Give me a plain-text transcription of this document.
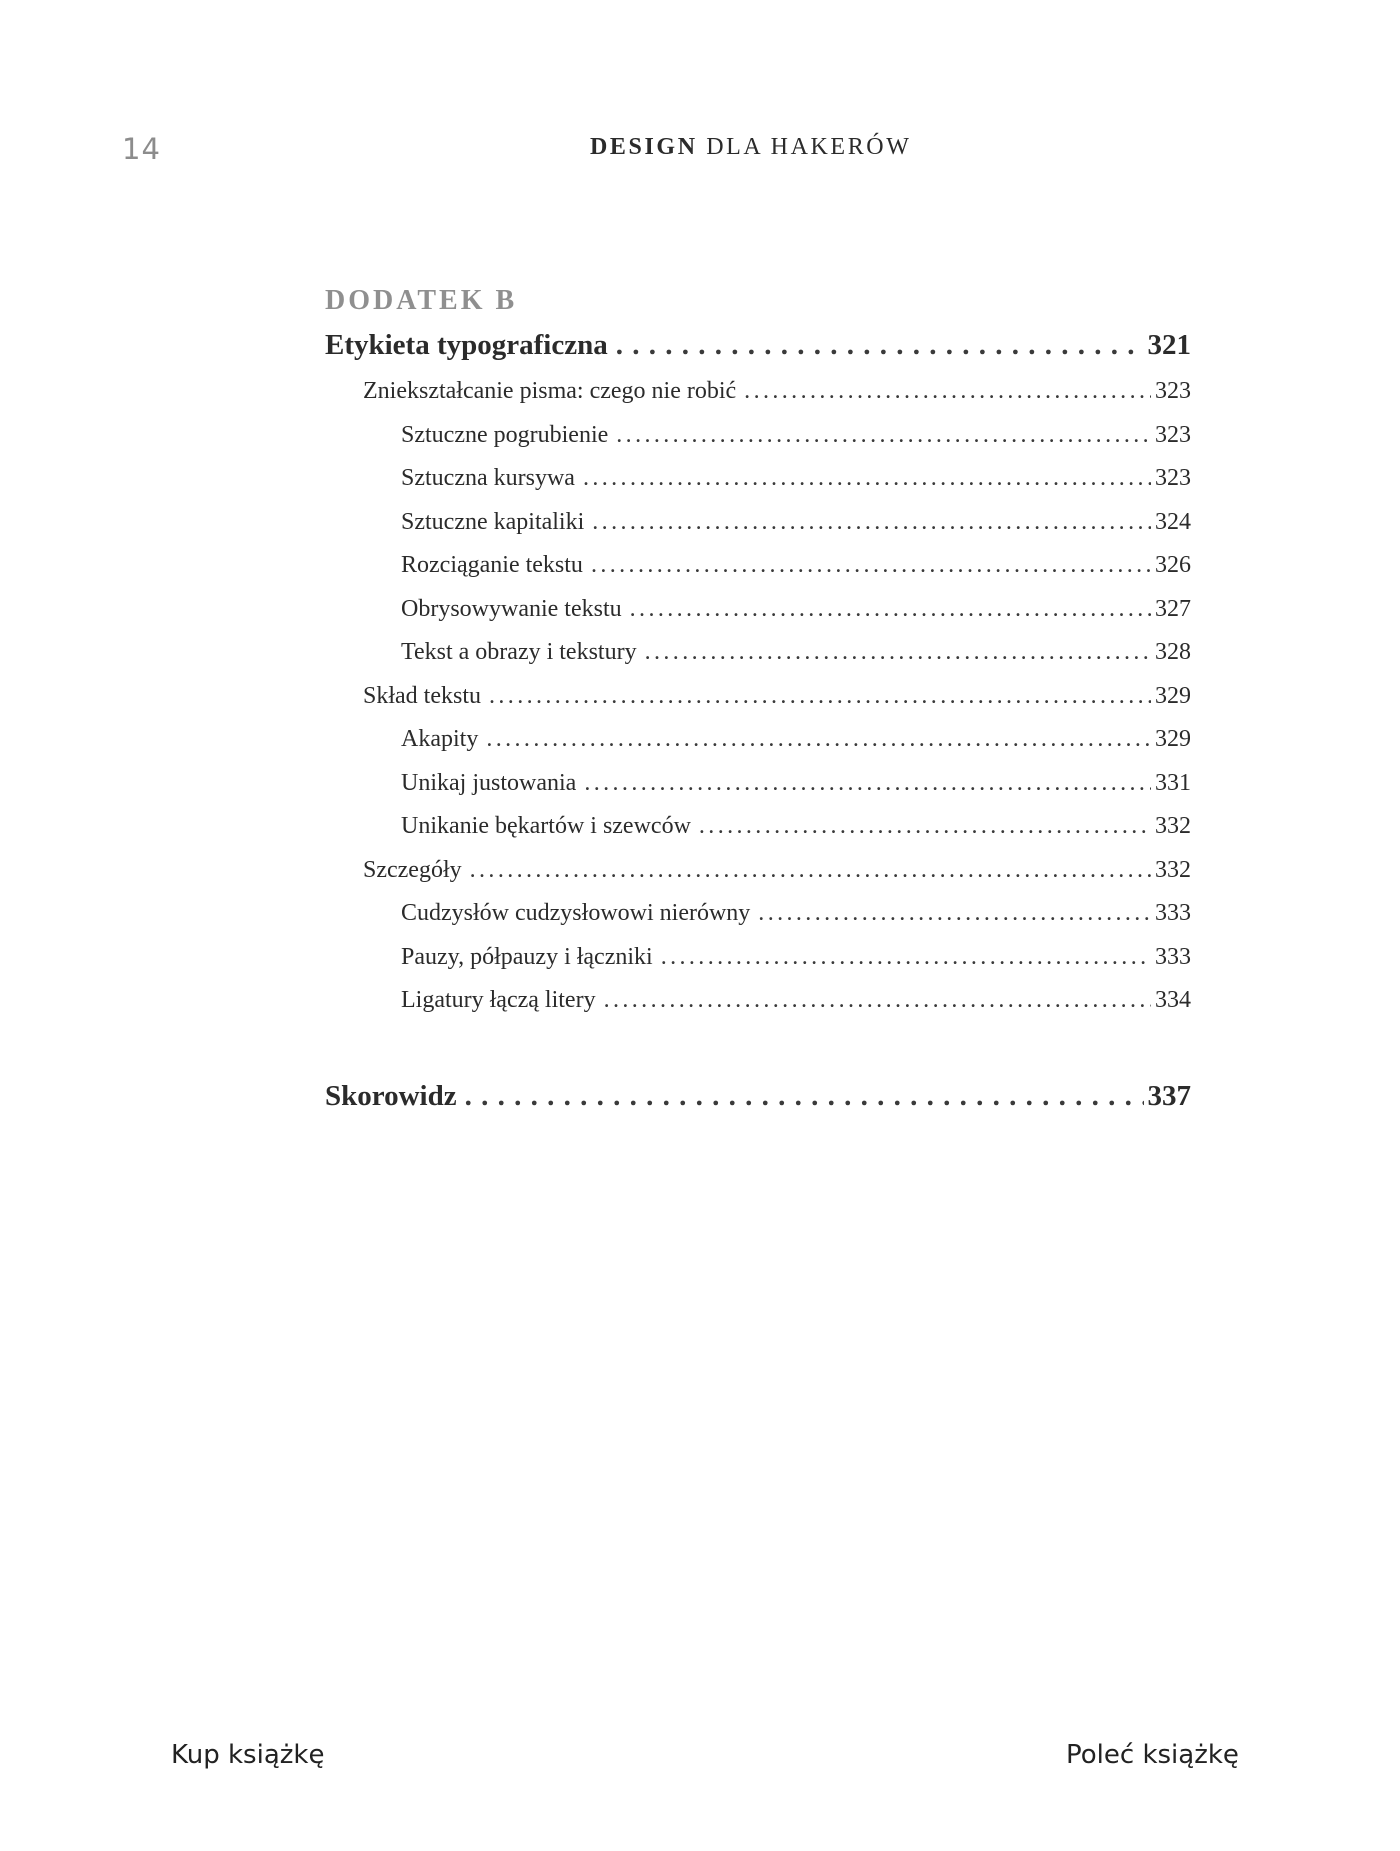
14	DESIGN DLA HAKERÓW
DODATEK B
Etykieta typograficzna . . .	321
Zniekształcanie pisma: czego nie robić . . .	323
Sztuczne pogrubienie . . .	323
Sztuczna kursywa . . .	323
Sztuczne kapitaliki . . .	324
Rozciąganie tekstu . . .	326
Obrysowywanie tekstu . . .	327
Tekst a obrazy i tekstury . . .	328
Skład tekstu . . .	329
Akapity . . .	329
Unikaj justowania . . .	331
Unikanie bękartów i szewców . . .	332
Szczegóły . . .	332
Cudzysłów cudzysłowowi nierówny . . .	333
Pauzy, półpauzy i łączniki . . .	333
Ligatury łączą litery . . .	334
Skorowidz . . .	337
Kup książkę	Poleć książkę
